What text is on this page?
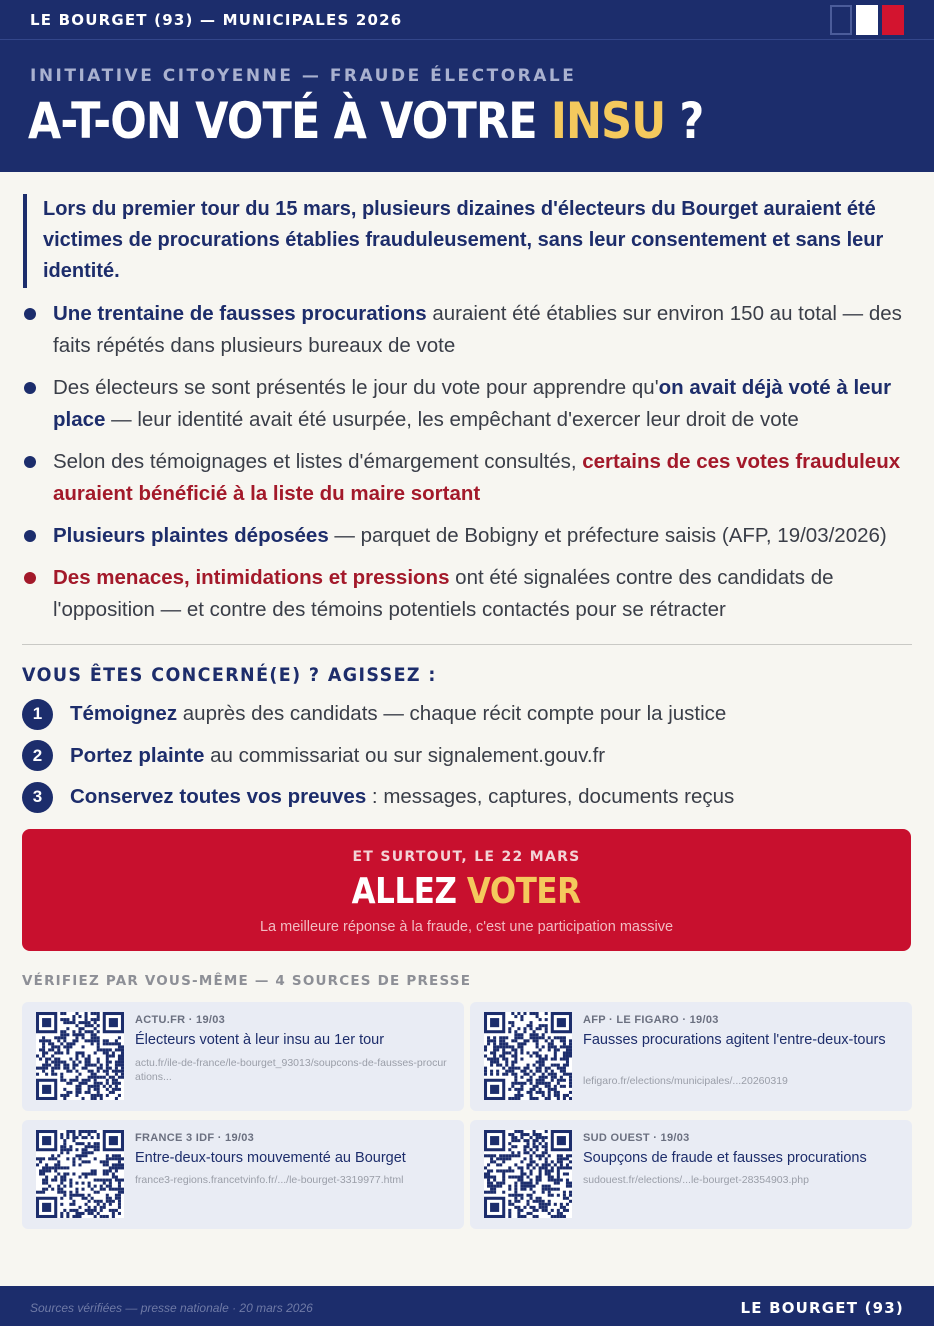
LE BOURGET (93) — MUNICIPALES 2026
INITIATIVE CITOYENNE — FRAUDE ÉLECTORALE
A-T-ON VOTÉ À VOTRE INSU ?
Lors du premier tour du 15 mars, plusieurs dizaines d'électeurs du Bourget auraient été victimes de procurations établies frauduleusement, sans leur consentement et sans leur identité.
Une trentaine de fausses procurations auraient été établies sur environ 150 au total — des faits répétés dans plusieurs bureaux de vote
Des électeurs se sont présentés le jour du vote pour apprendre qu'on avait déjà voté à leur place — leur identité avait été usurpée, les empêchant d'exercer leur droit de vote
Selon des témoignages et listes d'émargement consultés, certains de ces votes frauduleux auraient bénéficié à la liste du maire sortant
Plusieurs plaintes déposées — parquet de Bobigny et préfecture saisis (AFP, 19/03/2026)
Des menaces, intimidations et pressions ont été signalées contre des candidats de l'opposition — et contre des témoins potentiels contactés pour se rétracter
VOUS ÊTES CONCERNÉ(E) ? AGISSEZ :
1	Témoignez auprès des candidats — chaque récit compte pour la justice
2	Portez plainte au commissariat ou sur signalement.gouv.fr
3	Conservez toutes vos preuves : messages, captures, documents reçus
ET SURTOUT, LE 22 MARS
ALLEZ VOTER
La meilleure réponse à la fraude, c'est une participation massive
VÉRIFIEZ PAR VOUS-MÊME — 4 SOURCES DE PRESSE
ACTU.FR · 19/03
Électeurs votent à leur insu au 1er tour
actu.fr/ile-de-france/le-bourget_93013/soupcons-de-fausses-procurations...
AFP · LE FIGARO · 19/03
Fausses procurations agitent l'entre-deux-tours
lefigaro.fr/elections/municipales/...20260319
FRANCE 3 IDF · 19/03
Entre-deux-tours mouvementé au Bourget
france3-regions.francetvinfo.fr/.../le-bourget-3319977.html
SUD OUEST · 19/03
Soupçons de fraude et fausses procurations
sudouest.fr/elections/...le-bourget-28354903.php
Sources vérifiées — presse nationale · 20 mars 2026	LE BOURGET (93)
